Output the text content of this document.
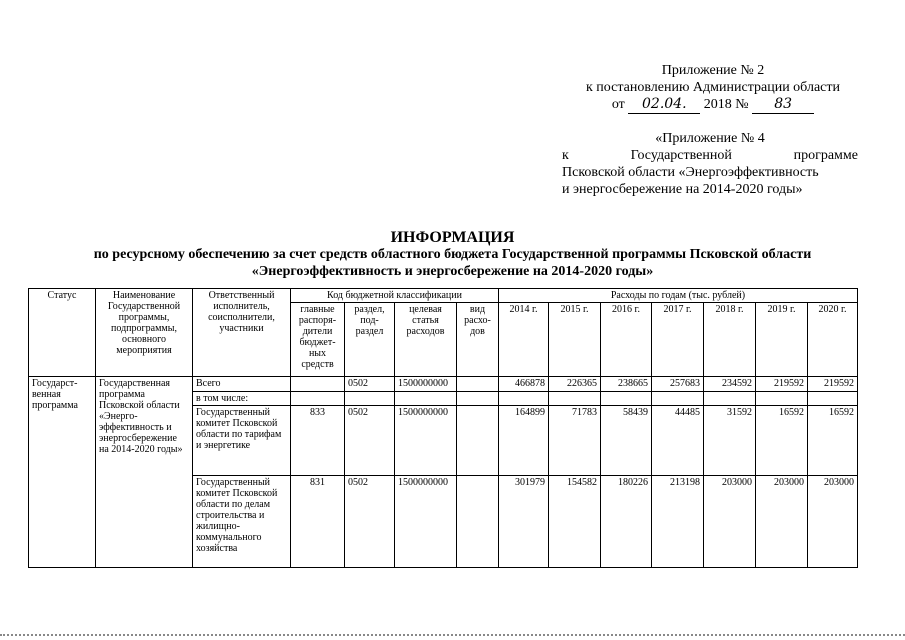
Приложение № 2
к постановлению Администрации области
от 02.04. 2018 № 83
«Приложение № 4
к Государственной программе
Псковской области «Энергоэффективность
и энергосбережение на 2014-2020 годы»
ИНФОРМАЦИЯ
по ресурсному обеспечению за счет средств областного бюджета Государственной программы Псковской области
«Энергоэффективность и энергосбережение на 2014-2020 годы»
Статус	Наименование Государственной программы, подпрограммы, основного мероприятия	Ответственный исполнитель, соисполнители, участники	Код бюджетной классификации				Расходы по годам (тыс. рублей)						
			главные распоря-дители бюджет-ных средств	раздел, под-раздел	целевая статья расходов	вид расхо-дов	2014 г.	2015 г.	2016 г.	2017 г.	2018 г.	2019 г.	2020 г.
Государст-венная программа	Государственная программа Псковской области «Энерго-эффективность и энергосбережение на 2014-2020 годы»	Всего		0502	1500000000		466878	226365	238665	257683	234592	219592	219592
		в том числе:											
		Государственный комитет Псковской области по тарифам и энергетике	833	0502	1500000000		164899	71783	58439	44485	31592	16592	16592
		Государственный комитет Псковской области по делам строительства и жилищно-коммунального хозяйства	831	0502	1500000000		301979	154582	180226	213198	203000	203000	203000
